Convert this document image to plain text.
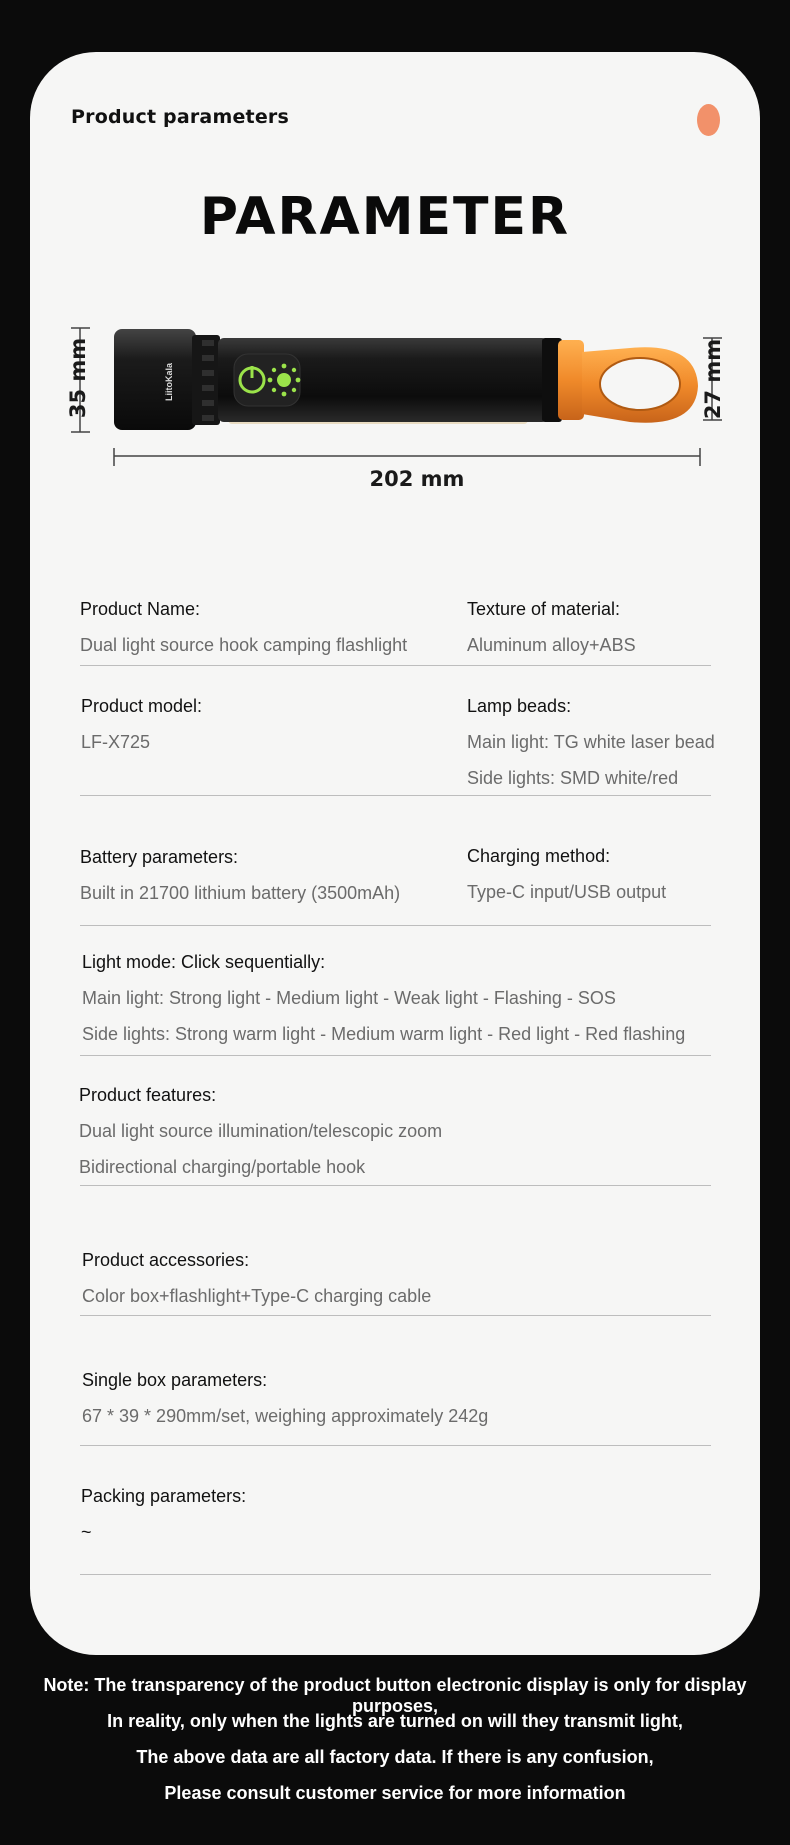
Product parameters
PARAMETER
LiitoKala
35 mm	27 mm
202 mm
Product Name:
Dual light source hook camping flashlight
Texture of material:
Aluminum alloy+ABS
Product model:
LF-X725
Lamp beads:
Main light: TG white laser bead
Side lights: SMD white/red
Battery parameters:
Built in 21700 lithium battery (3500mAh)
Charging method:
Type-C input/USB output
Light mode: Click sequentially:
Main light: Strong light - Medium light - Weak light - Flashing - SOS
Side lights: Strong warm light - Medium warm light - Red light - Red flashing
Product features:
Dual light source illumination/telescopic zoom
Bidirectional charging/portable hook
Product accessories:
Color box+flashlight+Type-C charging cable
Single box parameters:
67 * 39 * 290mm/set, weighing approximately 242g
Packing parameters:
~
Note: The transparency of the product button electronic display is only for display purposes,
In reality, only when the lights are turned on will they transmit light,
The above data are all factory data. If there is any confusion,
Please consult customer service for more information
